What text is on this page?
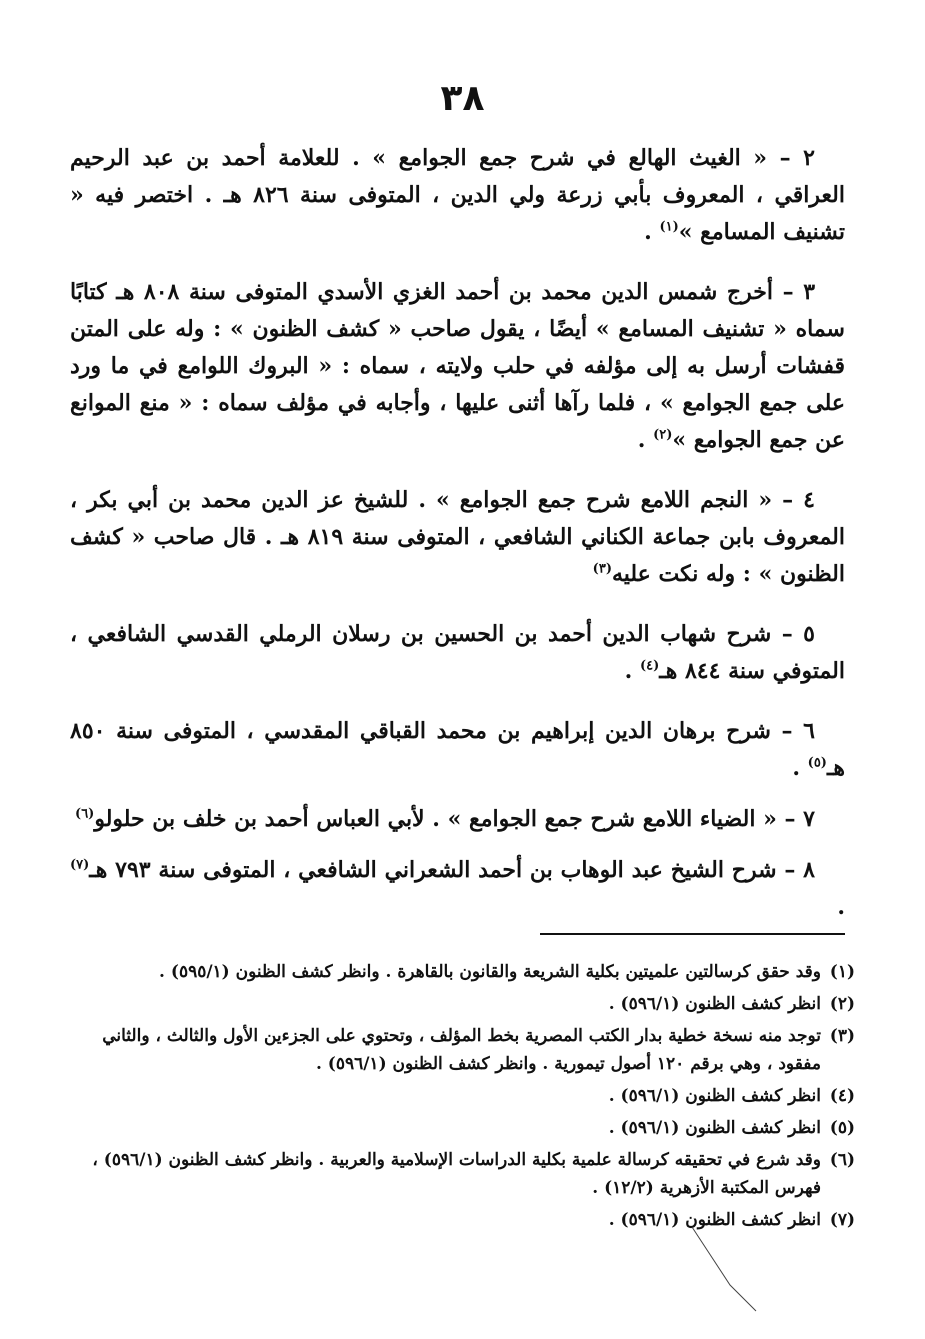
٣٨

٢ – « الغيث الهالع في شرح جمع الجوامع » . للعلامة أحمد بن عبد الرحيم العراقي ، المعروف بأبي زرعة ولي الدين ، المتوفى سنة ٨٢٦ هـ . اختصر فيه « تشنيف المسامع »$^{(١)}$ .

٣ – أخرج شمس الدين محمد بن أحمد الغزي الأسدي المتوفى سنة ٨٠٨ هـ كتابًا سماه « تشنيف المسامع » أيضًا ، يقول صاحب « كشف الظنون » : وله على المتن قفشات أرسل به إلى مؤلفه في حلب ولايته ، سماه : « البروك اللوامع في ما ورد على جمع الجوامع » ، فلما رآها أثنى عليها ، وأجابه في مؤلف سماه : « منع الموانع عن جمع الجوامع »$^{(٢)}$ .

٤ – « النجم اللامع شرح جمع الجوامع » . للشيخ عز الدين محمد بن أبي بكر ، المعروف بابن جماعة الكناني الشافعي ، المتوفى سنة ٨١٩ هـ . قال صاحب « كشف الظنون » : وله نكت عليه$^{(٣)}$

٥ – شرح شهاب الدين أحمد بن الحسين بن رسلان الرملي القدسي الشافعي ، المتوفي سنة ٨٤٤ هـ$^{(٤)}$ .

٦ – شرح برهان الدين إبراهيم بن محمد القباقي المقدسي ، المتوفى سنة ٨٥٠ هـ$^{(٥)}$ .

٧ – « الضياء اللامع شرح جمع الجوامع » . لأبي العباس أحمد بن خلف بن حلولو$^{(٦)}$

٨ – شرح الشيخ عبد الوهاب بن أحمد الشعراني الشافعي ، المتوفى سنة ٧٩٣ هـ$^{(٧)}$ .

(١)وقد حقق كرسالتين علميتين بكلية الشريعة والقانون بالقاهرة . وانظر كشف الظنون (٥٩٥/١) .

(٢)انظر كشف الظنون (٥٩٦/١) .

(٣)توجد منه نسخة خطية بدار الكتب المصرية بخط المؤلف ، وتحتوي على الجزءين الأول والثالث ، والثاني مفقود ، وهي برقم ١٢٠ أصول تيمورية . وانظر كشف الظنون (٥٩٦/١) .

(٤)انظر كشف الظنون (٥٩٦/١) .

(٥)انظر كشف الظنون (٥٩٦/١) .

(٦)وقد شرع في تحقيقه كرسالة علمية بكلية الدراسات الإسلامية والعربية . وانظر كشف الظنون (٥٩٦/١) ، فهرس المكتبة الأزهرية (١٢/٢) .

(٧)انظر كشف الظنون (٥٩٦/١) .
